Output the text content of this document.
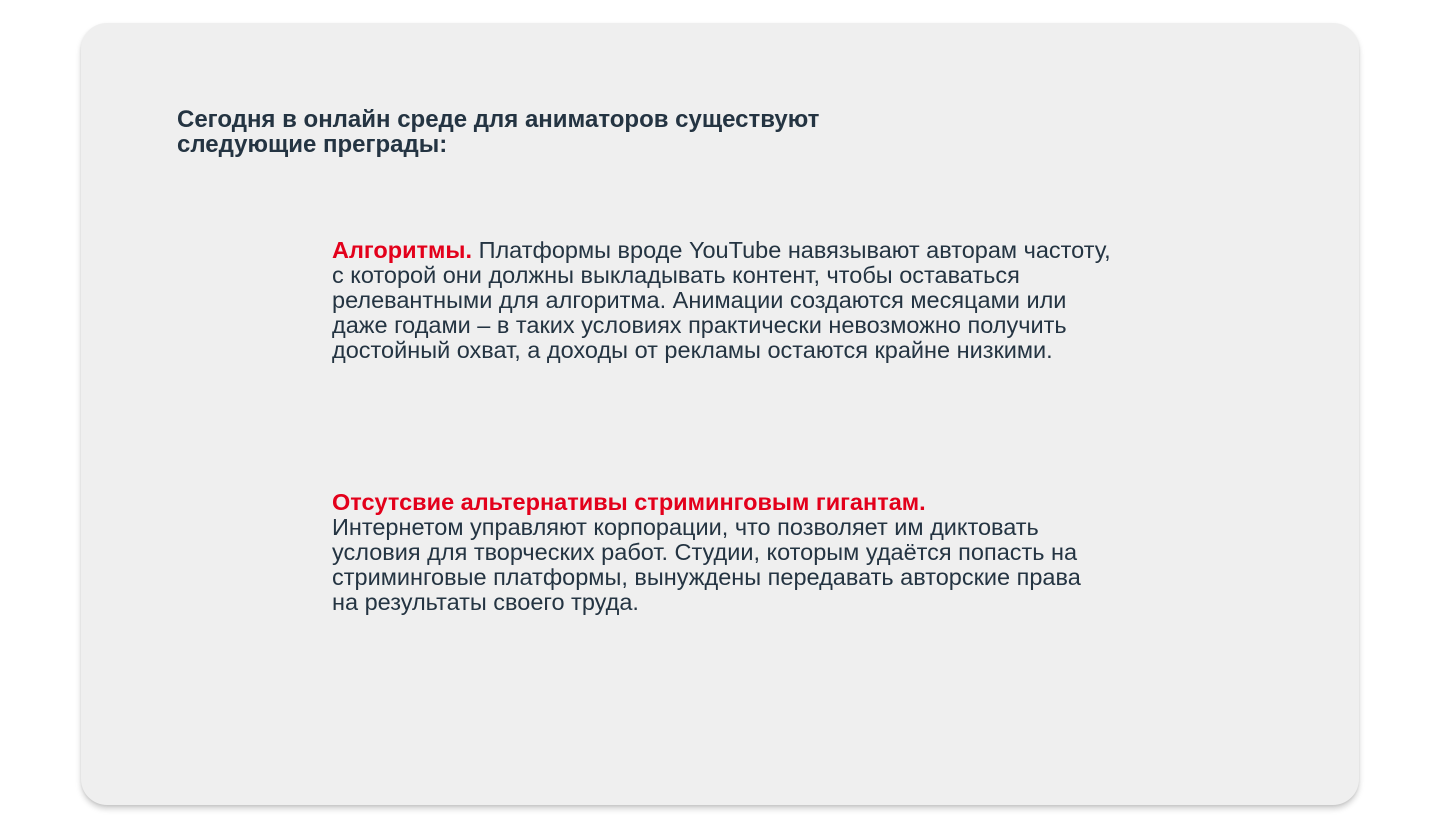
Сегодня в онлайн среде для аниматоров существуют следующие преграды:

Алгоритмы. Платформы вроде YouTube навязывают авторам частоту, с которой они должны выкладывать контент, чтобы оставаться релевантными для алгоритма. Анимации создаются месяцами или даже годами – в таких условиях практически невозможно получить достойный охват, а доходы от рекламы остаются крайне низкими.

Отсутсвие альтернативы стриминговым гигантам.
Интернетом управляют корпорации, что позволяет им диктовать условия для творческих работ. Студии, которым удаётся попасть на стриминговые платформы, вынуждены передавать авторские права на результаты своего труда.
